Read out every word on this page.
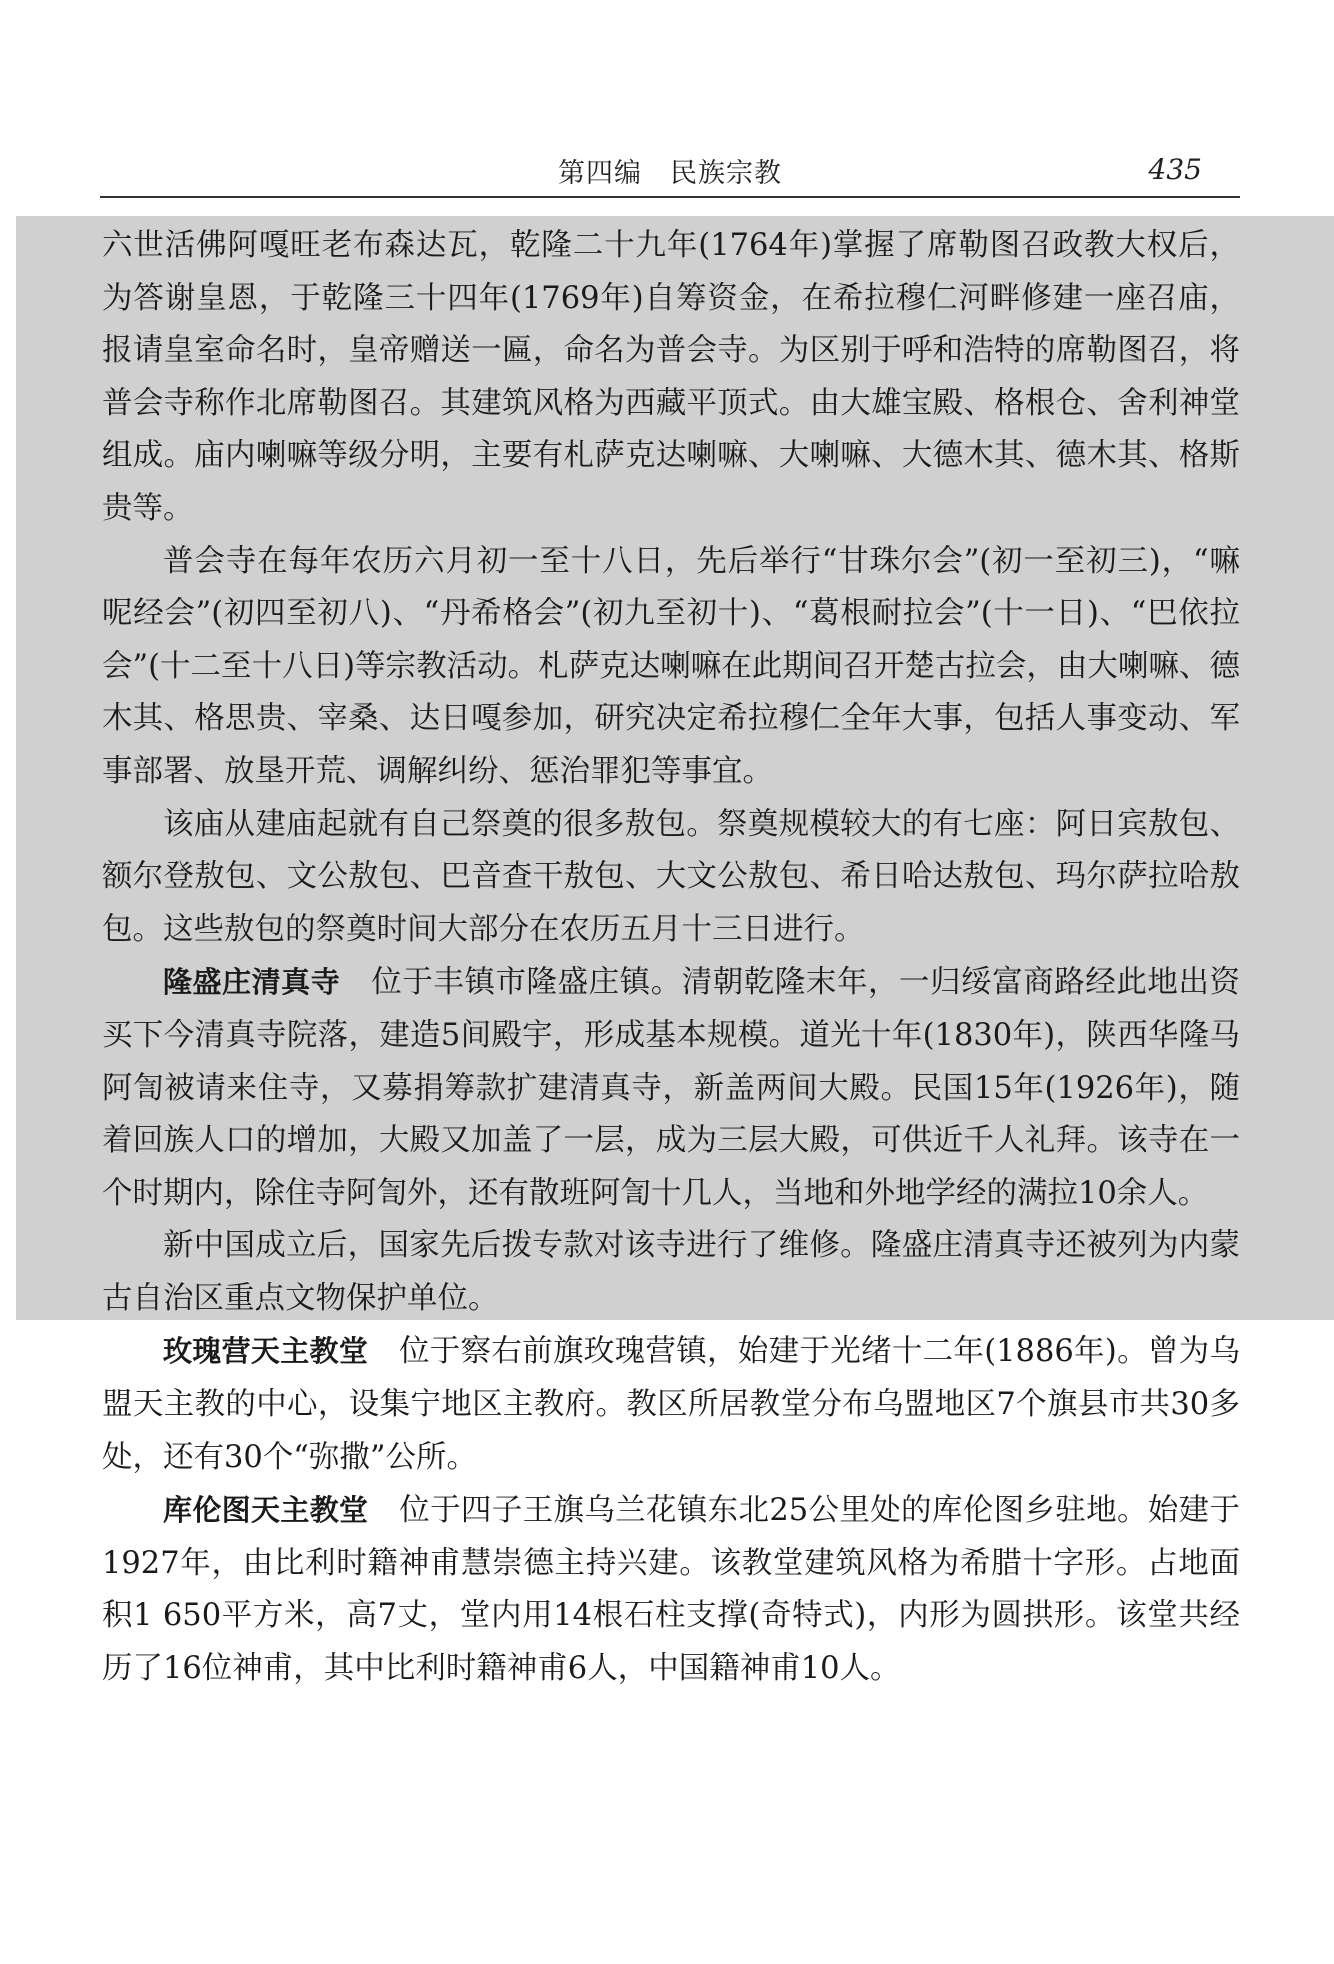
第四编　民族宗教	435

六世活佛阿嘎旺老布森达瓦，乾隆二十九年(1764年)掌握了席勒图召政教大权后，为答谢皇恩，于乾隆三十四年(1769年)自筹资金，在希拉穆仁河畔修建一座召庙，报请皇室命名时，皇帝赠送一匾，命名为普会寺。为区别于呼和浩特的席勒图召，将普会寺称作北席勒图召。其建筑风格为西藏平顶式。由大雄宝殿、格根仓、舍利神堂组成。庙内喇嘛等级分明，主要有札萨克达喇嘛、大喇嘛、大德木其、德木其、格斯贵等。

普会寺在每年农历六月初一至十八日，先后举行“甘珠尔会”(初一至初三)，“嘛呢经会”(初四至初八)、“丹希格会”(初九至初十)、“葛根耐拉会”(十一日)、“巴依拉会”(十二至十八日)等宗教活动。札萨克达喇嘛在此期间召开楚古拉会，由大喇嘛、德木其、格思贵、宰桑、达日嘎参加，研究决定希拉穆仁全年大事，包括人事变动、军事部署、放垦开荒、调解纠纷、惩治罪犯等事宜。

该庙从建庙起就有自己祭奠的很多敖包。祭奠规模较大的有七座：阿日宾敖包、额尔登敖包、文公敖包、巴音查干敖包、大文公敖包、希日哈达敖包、玛尔萨拉哈敖包。这些敖包的祭奠时间大部分在农历五月十三日进行。

隆盛庄清真寺 位于丰镇市隆盛庄镇。清朝乾隆末年，一归绥富商路经此地出资买下今清真寺院落，建造5间殿宇，形成基本规模。道光十年(1830年)，陕西华隆马阿訇被请来住寺，又募捐筹款扩建清真寺，新盖两间大殿。民国15年(1926年)，随着回族人口的增加，大殿又加盖了一层，成为三层大殿，可供近千人礼拜。该寺在一个时期内，除住寺阿訇外，还有散班阿訇十几人，当地和外地学经的满拉10余人。

新中国成立后，国家先后拨专款对该寺进行了维修。隆盛庄清真寺还被列为内蒙古自治区重点文物保护单位。

玫瑰营天主教堂 位于察右前旗玫瑰营镇，始建于光绪十二年(1886年)。曾为乌盟天主教的中心，设集宁地区主教府。教区所居教堂分布乌盟地区7个旗县市共30多处，还有30个“弥撒”公所。

库伦图天主教堂 位于四子王旗乌兰花镇东北25公里处的库伦图乡驻地。始建于1927年，由比利时籍神甫慧崇德主持兴建。该教堂建筑风格为希腊十字形。占地面积1 650平方米，高7丈，堂内用14根石柱支撑(奇特式)，内形为圆拱形。该堂共经历了16位神甫，其中比利时籍神甫6人，中国籍神甫10人。
